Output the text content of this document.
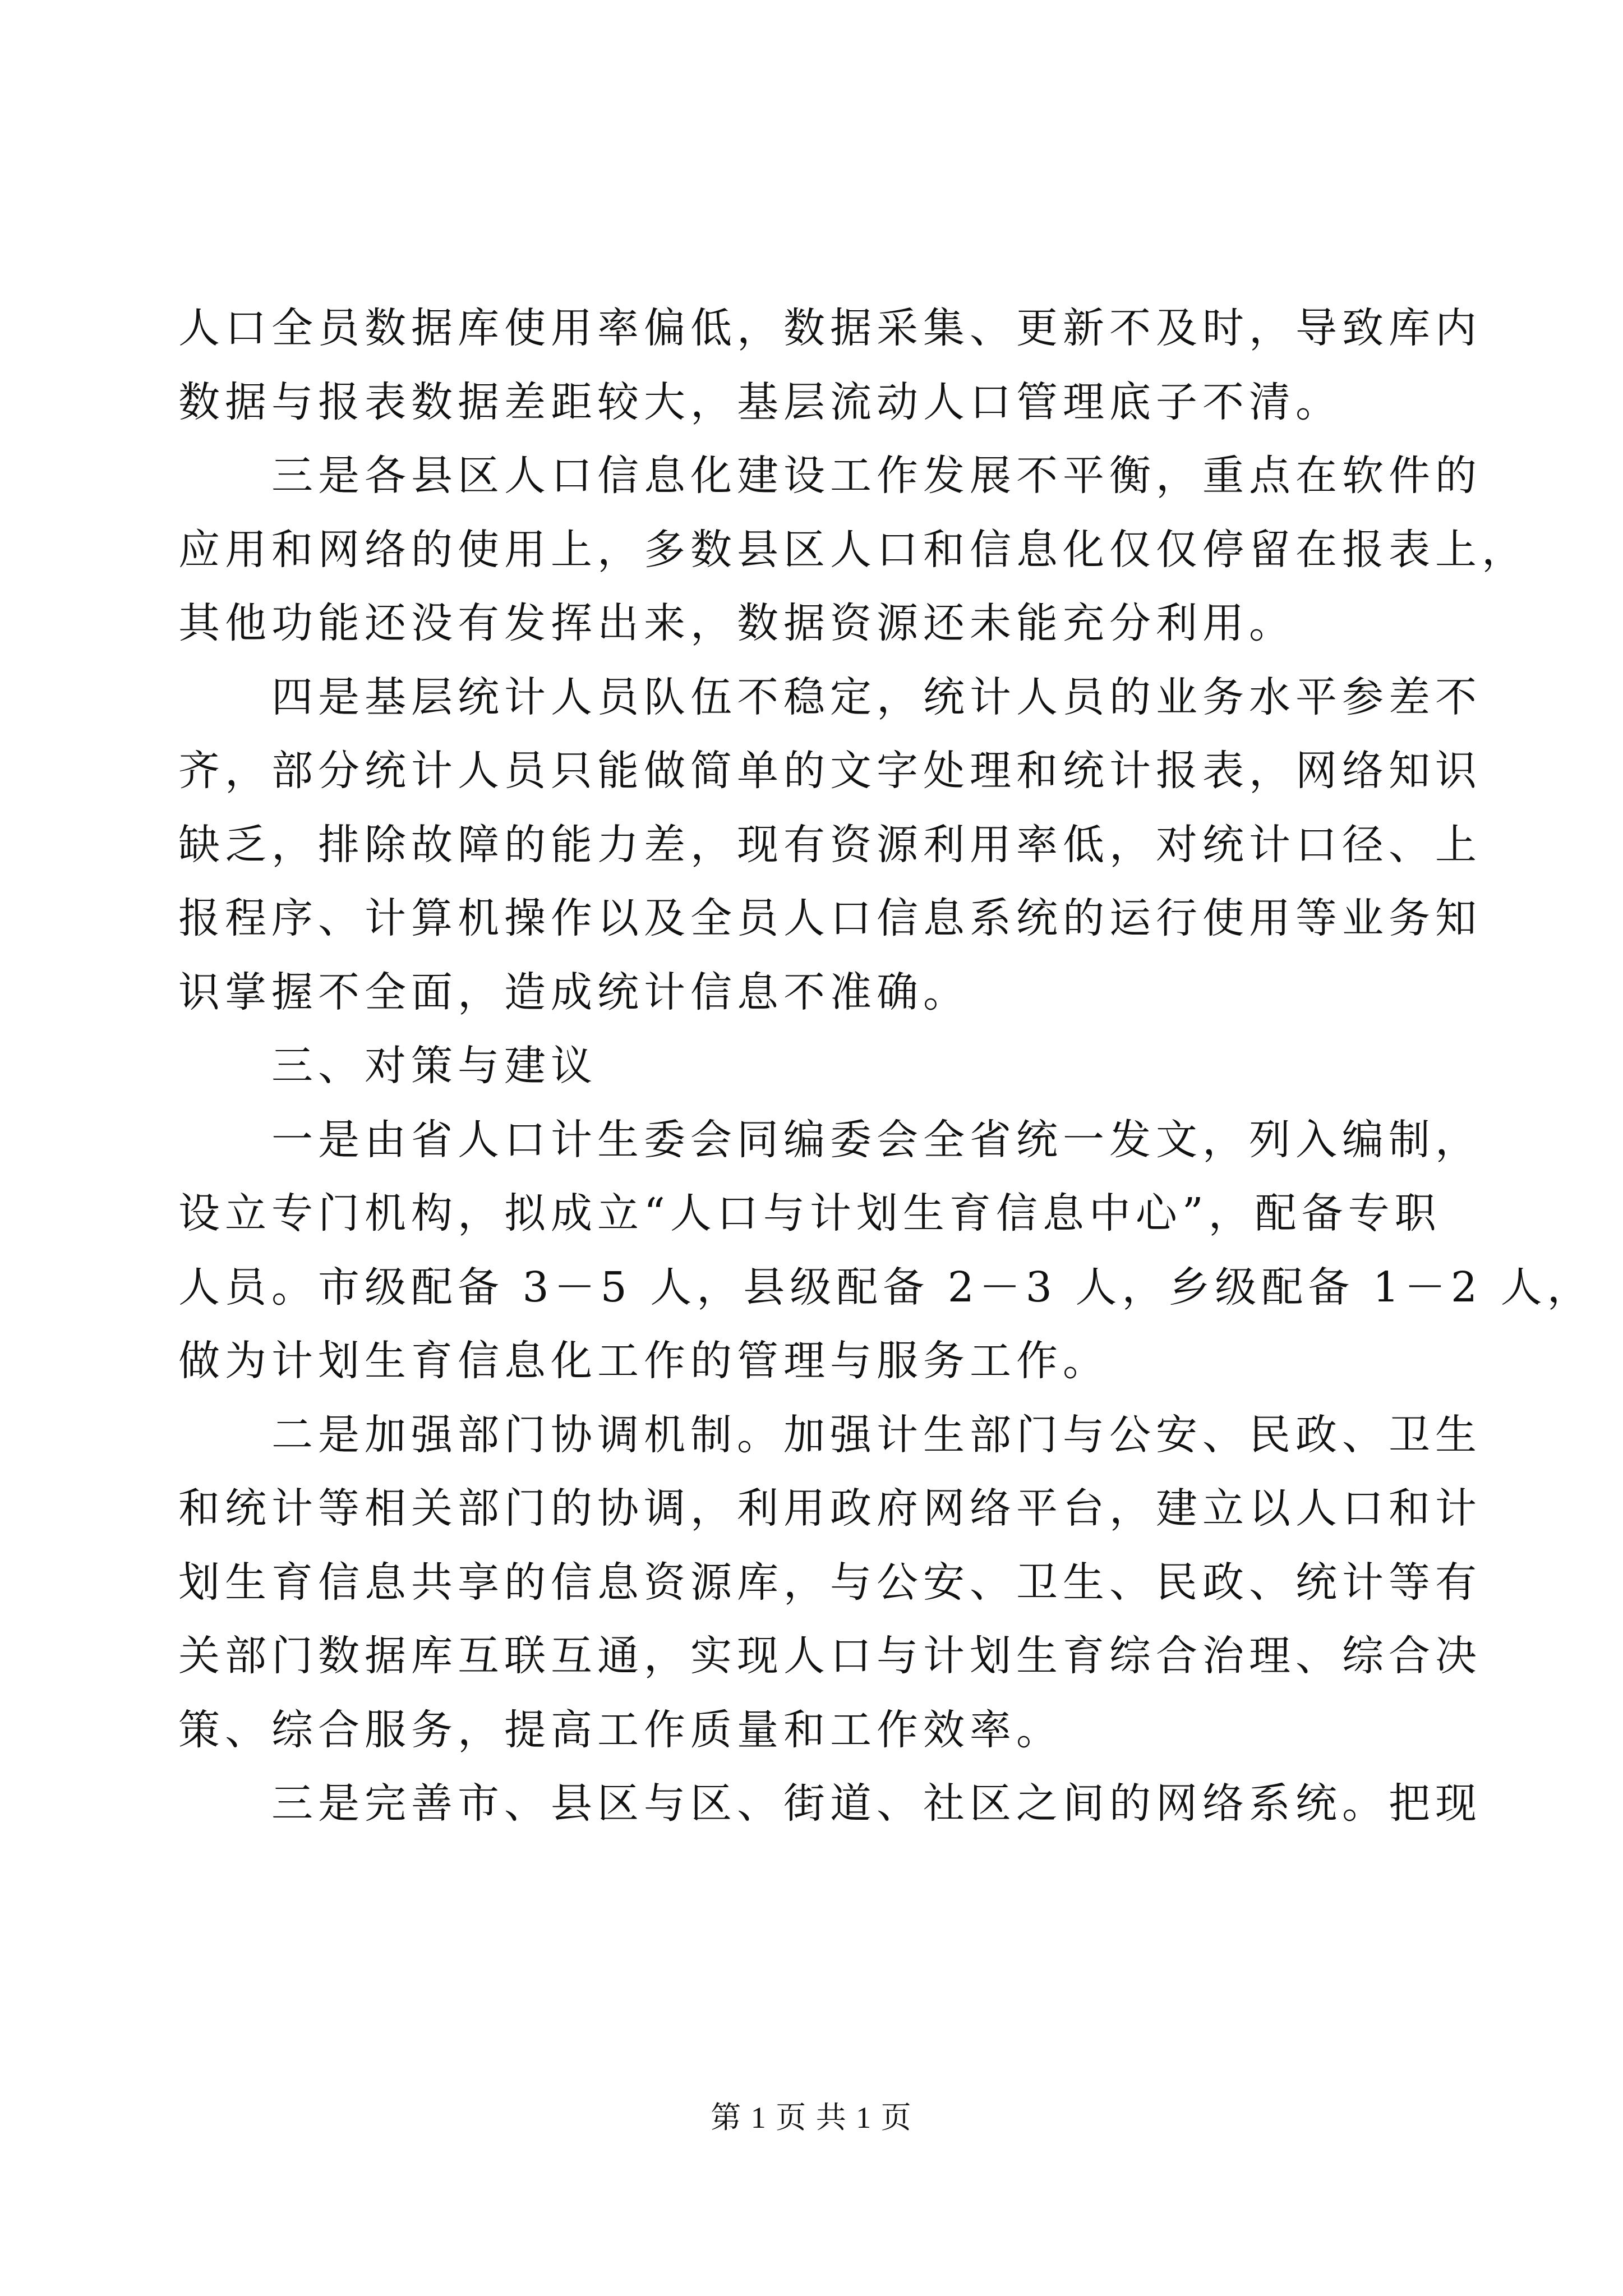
人口全员数据库使用率偏低，数据采集、更新不及时，导致库内
数据与报表数据差距较大，基层流动人口管理底子不清。
三是各县区人口信息化建设工作发展不平衡，重点在软件的
应用和网络的使用上，多数县区人口和信息化仅仅停留在报表上，
其他功能还没有发挥出来，数据资源还未能充分利用。
四是基层统计人员队伍不稳定，统计人员的业务水平参差不
齐，部分统计人员只能做简单的文字处理和统计报表，网络知识
缺乏，排除故障的能力差，现有资源利用率低，对统计口径、上
报程序、计算机操作以及全员人口信息系统的运行使用等业务知
识掌握不全面，造成统计信息不准确。
三、对策与建议
一是由省人口计生委会同编委会全省统一发文，列入编制，
设立专门机构，拟成立“人口与计划生育信息中心”，配备专职
人员。市级配备 3－5 人，县级配备 2－3 人，乡级配备 1－2 人，
做为计划生育信息化工作的管理与服务工作。
二是加强部门协调机制。加强计生部门与公安、民政、卫生
和统计等相关部门的协调，利用政府网络平台，建立以人口和计
划生育信息共享的信息资源库，与公安、卫生、民政、统计等有
关部门数据库互联互通，实现人口与计划生育综合治理、综合决
策、综合服务，提高工作质量和工作效率。
三是完善市、县区与区、街道、社区之间的网络系统。把现
第 1 页 共 1 页
